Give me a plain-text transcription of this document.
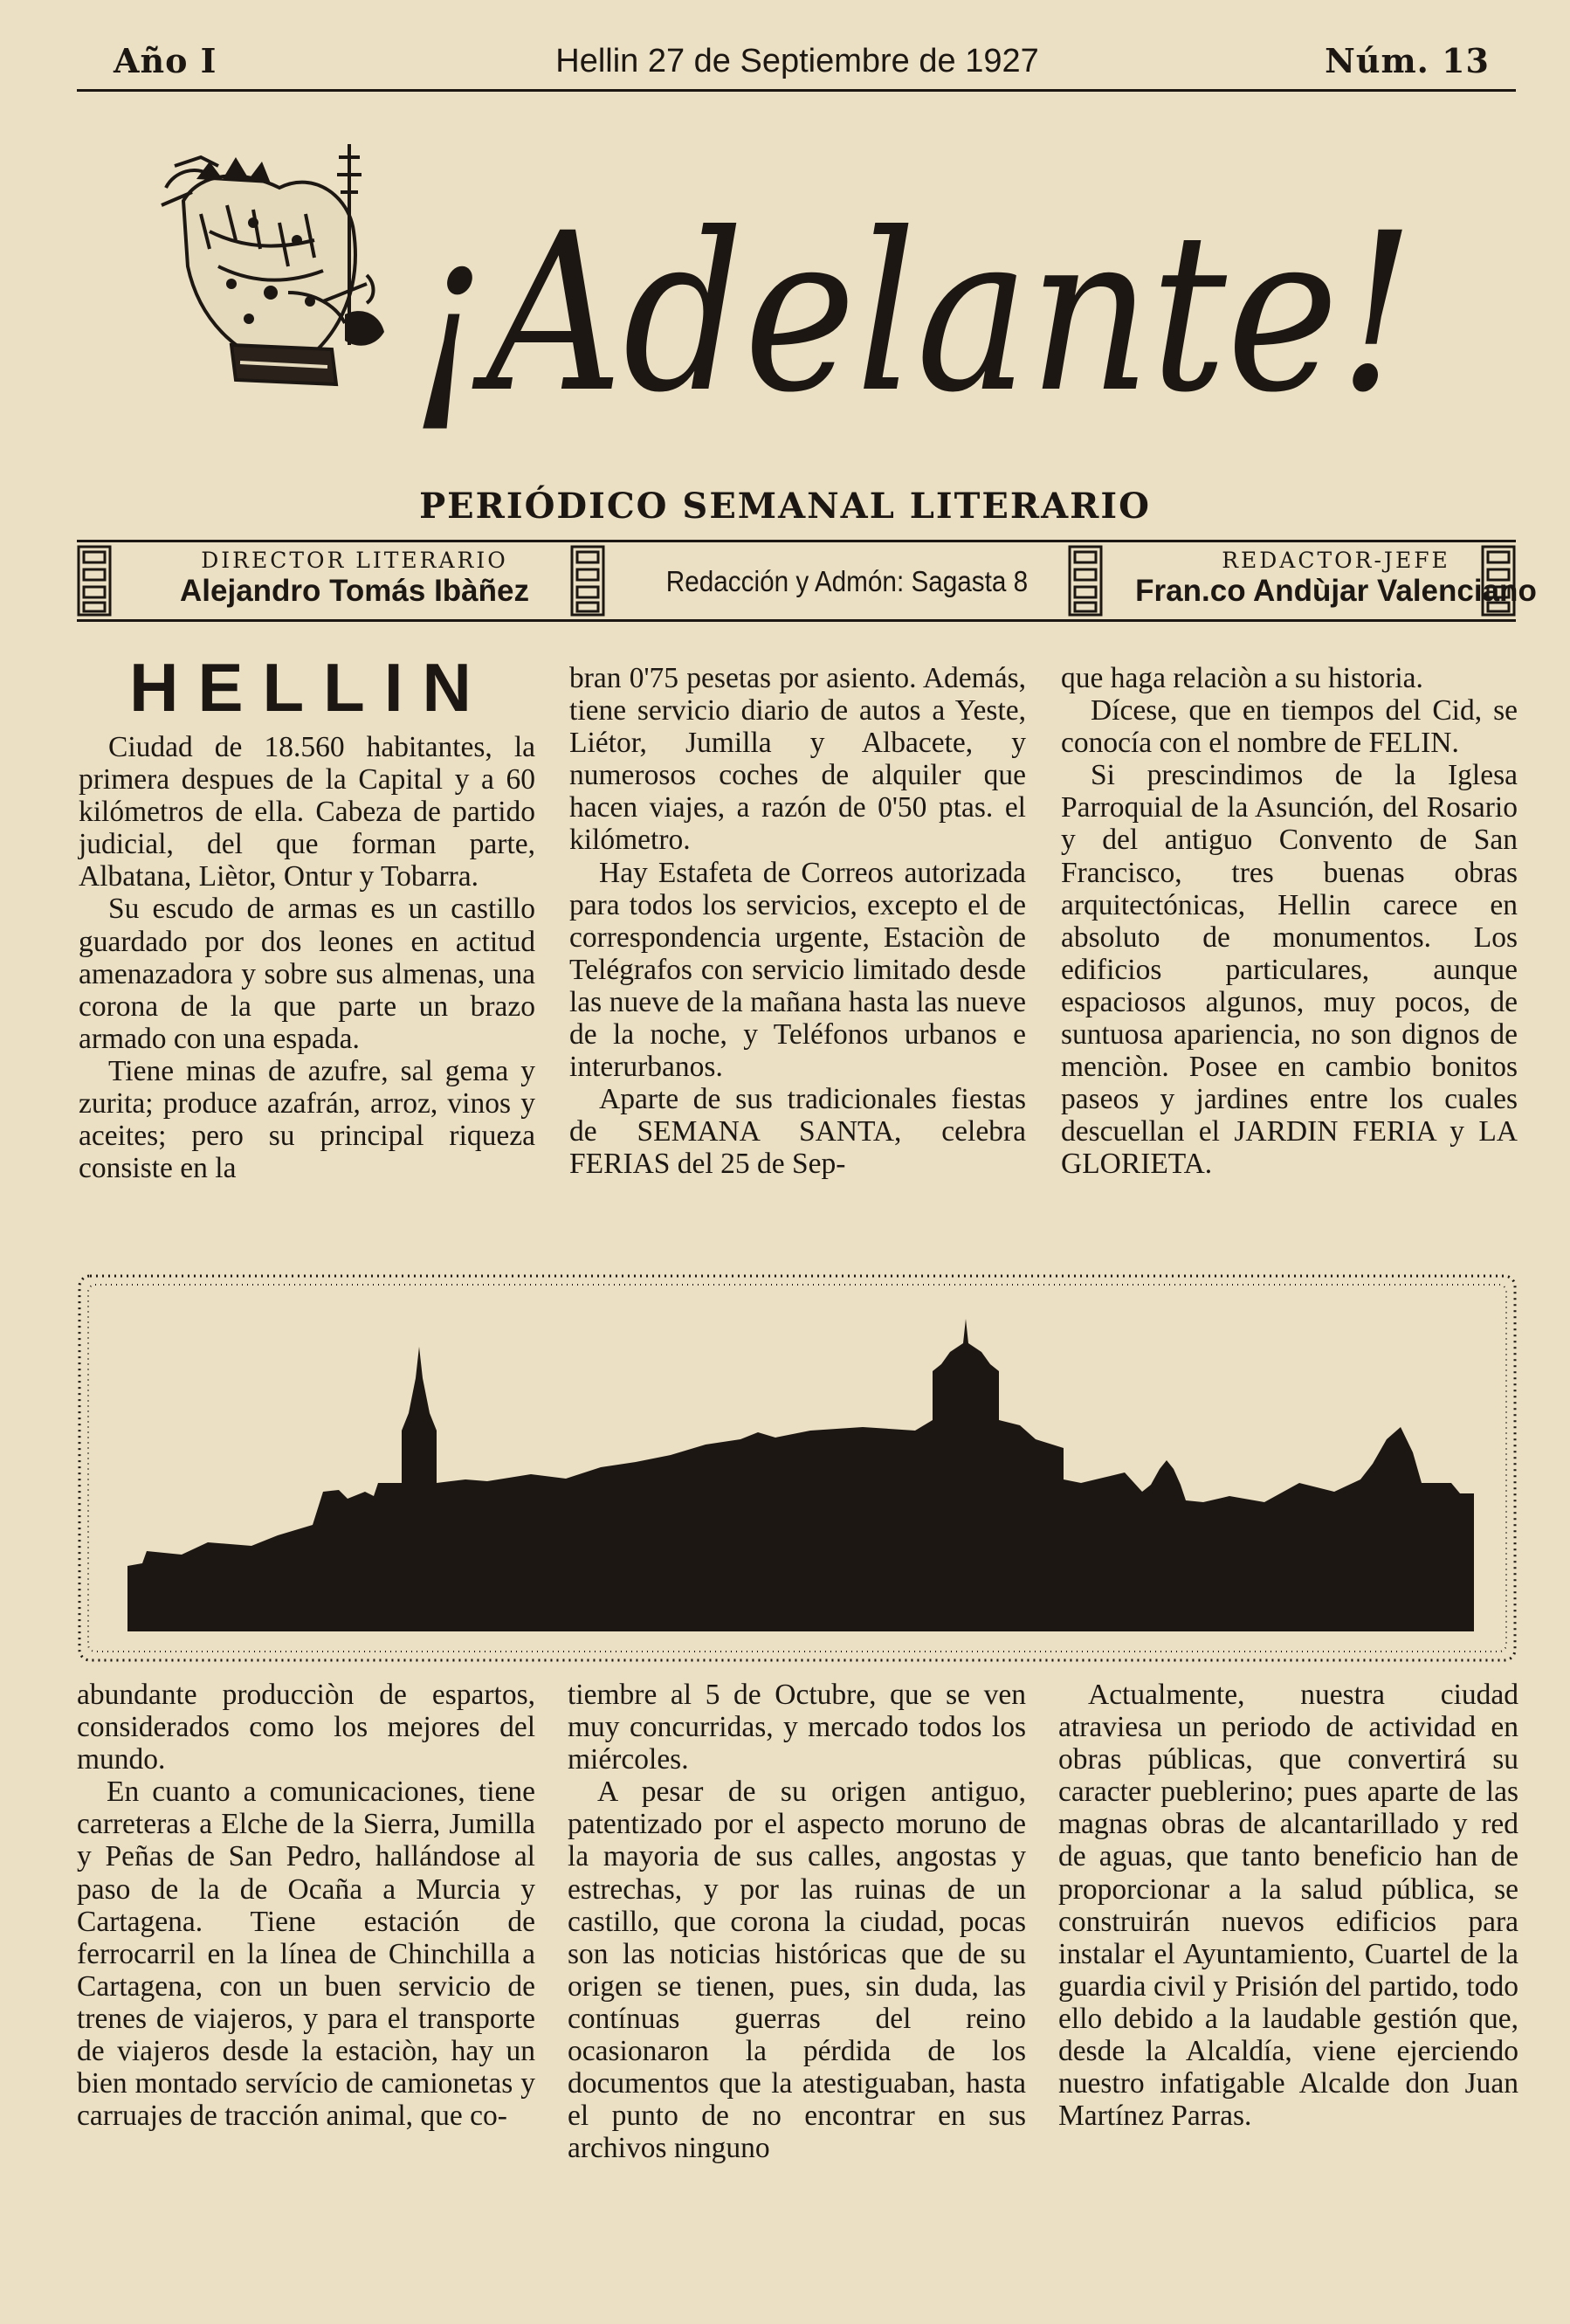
Hellin 27 de Septiembre de 1927
Año I	Núm. 13
¡Adelante!
PERIÓDICO SEMANAL LITERARIO
DIRECTOR LITERARIO
Alejandro Tomás Ibàñez	Redacción y Admón: Sagasta 8
REDACTOR-JEFE
Fran.co Andùjar Valenciano
HELLIN

Ciudad de 18.560 habitantes, la primera despues de la Capital y a 60 kilómetros de ella. Cabeza de partido judicial, del que forman parte, Albatana, Liètor, Ontur y Tobarra.

Su escudo de armas es un castillo guardado por dos leones en actitud amenazadora y sobre sus almenas, una corona de la que parte un brazo armado con una espada.

Tiene minas de azufre, sal gema y zurita; produce azafrán, arroz, vinos y aceites; pero su principal riqueza consiste en la

bran 0'75 pesetas por asiento. Además, tiene servicio diario de autos a Yeste, Liétor, Jumilla y Albacete, y numerosos coches de alquiler que hacen viajes, a razón de 0'50 ptas. el kilómetro.

Hay Estafeta de Correos autorizada para todos los servicios, excepto el de correspondencia urgente, Estaciòn de Telégrafos con servicio limitado desde las nueve de la mañana hasta las nueve de la noche, y Teléfonos urbanos e interurbanos.

Aparte de sus tradicionales fiestas de SEMANA SANTA, celebra FERIAS del 25 de Sep-

que haga relaciòn a su historia.

Dícese, que en tiempos del Cid, se conocía con el nombre de FELIN.

Si prescindimos de la Iglesa Parroquial de la Asunción, del Rosario y del antiguo Convento de San Francisco, tres buenas obras arquitectónicas, Hellin carece en absoluto de monumentos. Los edificios particulares, aunque espaciosos algunos, muy pocos, de suntuosa apariencia, no son dignos de menciòn. Posee en cambio bonitos paseos y jardines entre los cuales descuellan el JARDIN FERIA y LA GLORIETA.

abundante producciòn de espartos, considerados como los mejores del mundo.

En cuanto a comunicaciones, tiene carreteras a Elche de la Sierra, Jumilla y Peñas de San Pedro, hallándose al paso de la de Ocaña a Murcia y Cartagena. Tiene estación de ferrocarril en la línea de Chinchilla a Cartagena, con un buen servicio de trenes de viajeros, y para el transporte de viajeros desde la estaciòn, hay un bien montado servício de camionetas y carruajes de tracción animal, que co-

tiembre al 5 de Octubre, que se ven muy concurridas, y mercado todos los miércoles.

A pesar de su origen antiguo, patentizado por el aspecto moruno de la mayoria de sus calles, angostas y estrechas, y por las ruinas de un castillo, que corona la ciudad, pocas son las noticias históricas que de su origen se tienen, pues, sin duda, las contínuas guerras del reino ocasionaron la pérdida de los documentos que la atestiguaban, hasta el punto de no encontrar en sus archivos ninguno

Actualmente, nuestra ciudad atraviesa un periodo de actividad en obras públicas, que convertirá su caracter pueblerino; pues aparte de las magnas obras de alcantarillado y red de aguas, que tanto beneficio han de proporcionar a la salud pública, se construirán nuevos edificios para instalar el Ayuntamiento, Cuartel de la guardia civil y Prisión del partido, todo ello debido a la laudable gestión que, desde la Alcaldía, viene ejerciendo nuestro infatigable Alcalde don Juan Martínez Parras.
